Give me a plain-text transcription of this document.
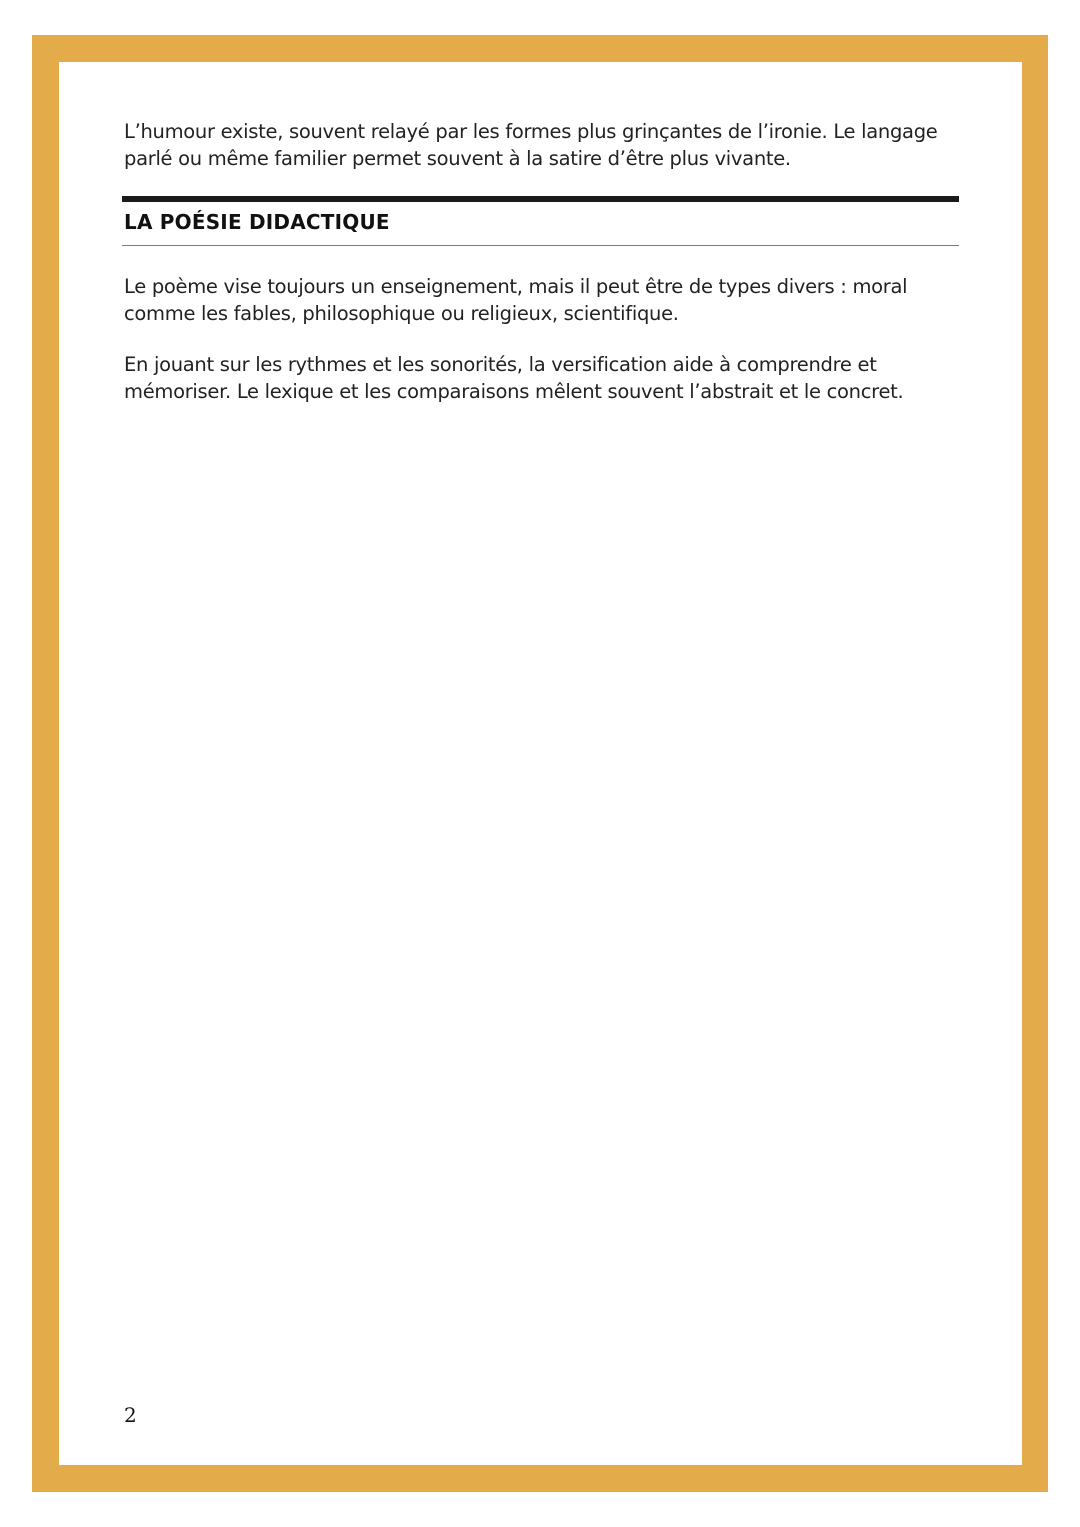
L’humour existe, souvent relayé par les formes plus grinçantes de l’ironie. Le langage parlé ou même familier permet souvent à la satire d’être plus vivante.

LA POÉSIE DIDACTIQUE

Le poème vise toujours un enseignement, mais il peut être de types divers : moral comme les fables, philosophique ou religieux, scientifique.

En jouant sur les rythmes et les sonorités, la versification aide à comprendre et mémoriser. Le lexique et les comparaisons mêlent souvent l’abstrait et le concret.

2
